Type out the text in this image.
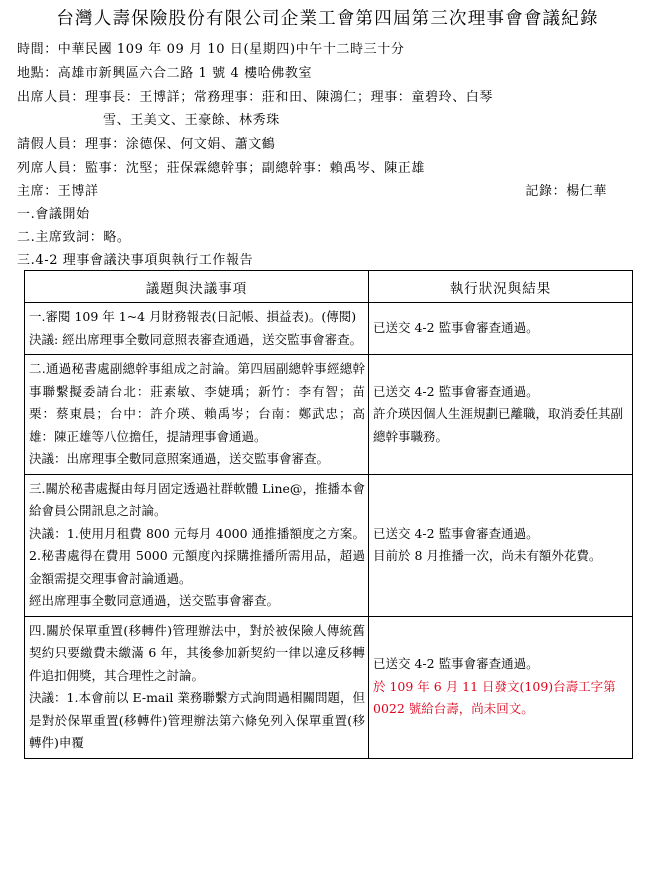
台灣人壽保險股份有限公司企業工會第四屆第三次理事會會議紀錄
時間：中華民國 109 年 09 月 10 日(星期四)中午十二時三十分
地點：高雄市新興區六合二路 1 號 4 樓哈佛教室
出席人員：理事長：王博詳；常務理事：莊和田、陳鴻仁；理事：童碧玲、白琴
雪、王美文、王豪餘、林秀珠
請假人員：理事：涂德保、何文娟、蕭文鶴
列席人員：監事：沈堅；莊保霖總幹事；副總幹事：賴禹岑、陳正雄
主席：王博詳	記錄：楊仁華
一.會議開始
二.主席致詞：略。
三.4-2 理事會議決事項與執行工作報告
議題與決議事項	執行狀況與結果

一.審閱 109 年 1~4 月財務報表(日記帳、損益表)。(傳閱)
決議: 經出席理事全數同意照表審查通過，送交監事會審查。	已送交 4-2 監事會審查通過。

二.通過秘書處副總幹事組成之討論。第四屆副總幹事經總幹事聯繫擬委請台北：莊素敏、李婕瑀；新竹：李有智；苗栗：蔡東晨；台中：許介瑛、賴禹岑；台南：鄭武忠；高雄：陳正雄等八位擔任，提請理事會通過。
決議：出席理事全數同意照案通過，送交監事會審查。	已送交 4-2 監事會審查通過。
許介瑛因個人生涯規劃已離職，取消委任其副總幹事職務。

三.關於秘書處擬由每月固定透過社群軟體 Line@，推播本會給會員公開訊息之討論。
決議：1.使用月租費 800 元每月 4000 通推播額度之方案。2.秘書處得在費用 5000 元額度內採購推播所需用品，超過金額需提交理事會討論通過。
經出席理事全數同意通過，送交監事會審查。	已送交 4-2 監事會審查通過。
目前於 8 月推播一次，尚未有額外花費。

四.關於保單重置(移轉件)管理辦法中，對於被保險人傳統舊契約只要繳費未繳滿 6 年，其後參加新契約一律以違反移轉件追扣佣獎，其合理性之討論。
決議：1.本會前以 E-mail 業務聯繫方式詢問過相關問題，但是對於保單重置(移轉件)管理辦法第六條免列入保單重置(移轉件)申覆	已送交 4-2 監事會審查通過。
於 109 年 6 月 11 日發文(109)台壽工字第 0022 號給台壽，尚未回文。
